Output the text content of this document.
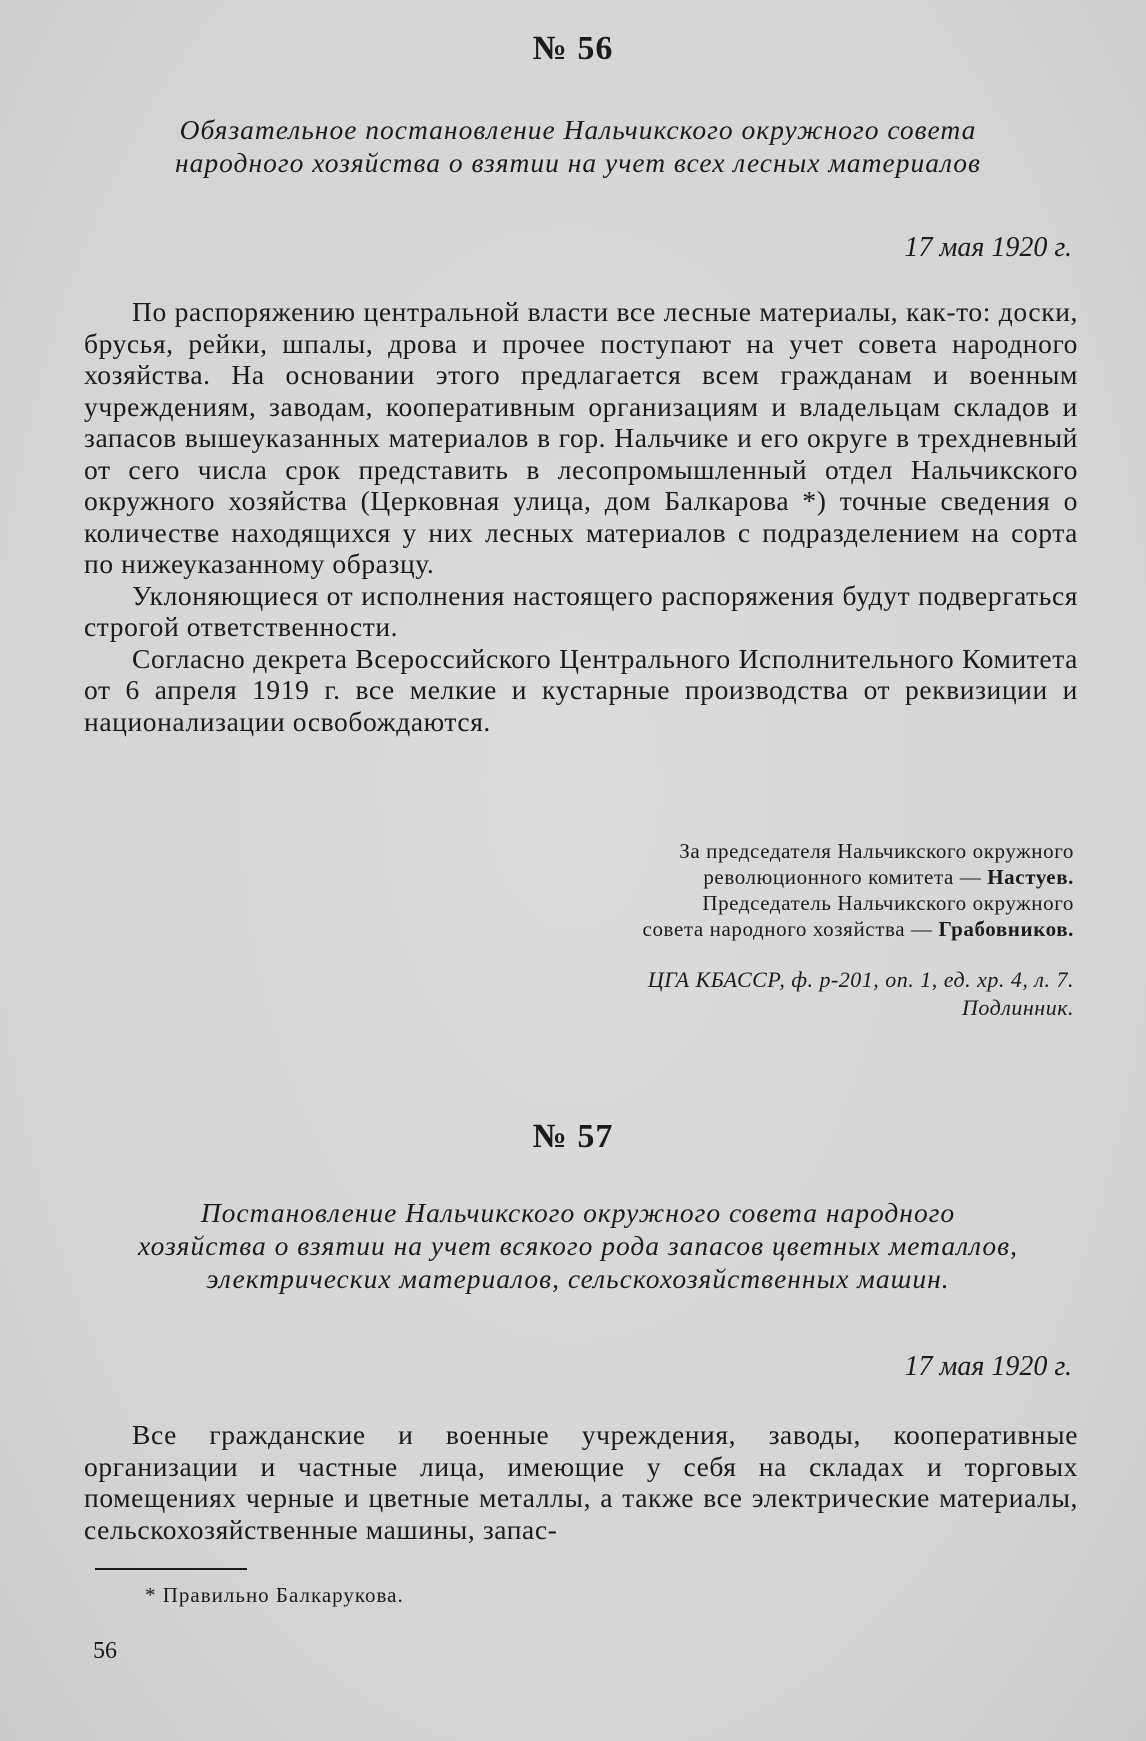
№ 56
Обязательное постановление Нальчикского окружного совета народного хозяйства о взятии на учет всех лесных материалов
17 мая 1920 г.

По распоряжению центральной власти все лесные материалы, как-то: доски, брусья, рейки, шпалы, дрова и прочее поступают на учет совета народного хозяйства. На основании этого предлагается всем гражданам и военным учреждениям, заводам, кооперативным организациям и владельцам складов и запасов вышеуказанных материалов в гор. Нальчике и его округе в трехдневный от сего числа срок представить в лесопромышленный отдел Нальчикского окружного хозяйства (Церковная улица, дом Балкарова *) точные сведения о количестве находящихся у них лесных материалов с подразделением на сорта по нижеуказанному образцу.

Уклоняющиеся от исполнения настоящего распоряжения будут подвергаться строгой ответственности.

Согласно декрета Всероссийского Центрального Исполнительного Комитета от 6 апреля 1919 г. все мелкие и кустарные производства от реквизиции и национализации освобождаются.

За председателя Нальчикского окружного
революционного комитета — Настуев.
Председатель Нальчикского окружного
совета народного хозяйства — Грабовников.
ЦГА КБАССР, ф. р-201, оп. 1, ед. хр. 4, л. 7.
Подлинник.
№ 57
Постановление Нальчикского окружного совета народного хозяйства о взятии на учет всякого рода запасов цветных металлов, электрических материалов, сельскохозяйственных машин.
17 мая 1920 г.

Все гражданские и военные учреждения, заводы, кооперативные организации и частные лица, имеющие у себя на складах и торговых помещениях черные и цветные металлы, а также все электрические материалы, сельскохозяйственные машины, запас-

* Правильно Балкарукова.
56
